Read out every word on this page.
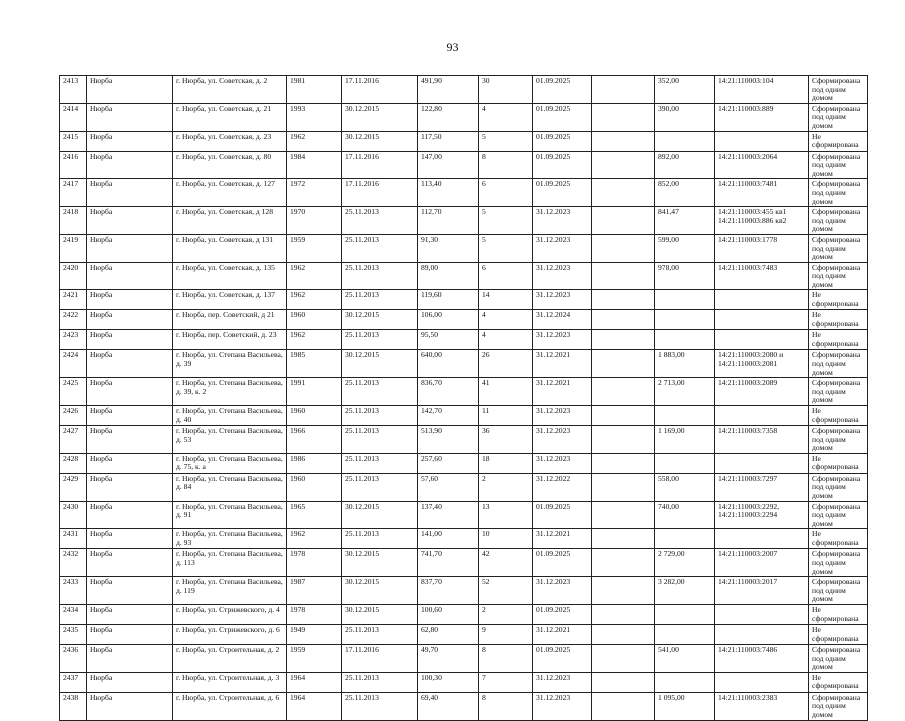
93
2413	Нюрба	г. Нюрба, ул. Советская, д. 2	1981	17.11.2016	491,90	30	01.09.2025		352,00	14:21:110003:104	Сформирована под одним домом
2414	Нюрба	г. Нюрба, ул. Советская, д. 21	1993	30.12.2015	122,80	4	01.09.2025		390,00	14:21:110003:889	Сформирована под одним домом
2415	Нюрба	г. Нюрба, ул. Советская, д. 23	1962	30.12.2015	117,50	5	01.09.2025				Не сформирована
2416	Нюрба	г. Нюрба, ул. Советская, д. 80	1984	17.11.2016	147,00	8	01.09.2025		892,00	14:21:110003:2064	Сформирована под одним домом
2417	Нюрба	г. Нюрба, ул. Советская, д. 127	1972	17.11.2016	113,40	6	01.09.2025		852,00	14:21:110003:7481	Сформирована под одним домом
2418	Нюрба	г. Нюрба, ул. Советская, д 128	1970	25.11.2013	112,70	5	31.12.2023		841,47	14:21:110003:455 кв1 14:21:110003:886 кв2	Сформирована под одним домом
2419	Нюрба	г. Нюрба, ул. Советская, д 131	1959	25.11.2013	91,30	5	31.12.2023		599,00	14:21:110003:1778	Сформирована под одним домом
2420	Нюрба	г. Нюрба, ул. Советская, д. 135	1962	25.11.2013	89,00	6	31.12.2023		978,00	14:21:110003:7483	Сформирована под одним домом
2421	Нюрба	г. Нюрба, ул. Советская, д. 137	1962	25.11.2013	119,60	14	31.12.2023				Не сформирована
2422	Нюрба	г. Нюрба, пер. Советский, д 21	1960	30.12.2015	106,00	4	31.12.2024				Не сформирована
2423	Нюрба	г. Нюрба, пер. Советский, д. 23	1962	25.11.2013	95,50	4	31.12.2023				Не сформирована
2424	Нюрба	г. Нюрба, ул. Степана Васильева, д. 39	1985	30.12.2015	640,00	26	31.12.2021		1 883,00	14:21:110003:2080 и 14:21:110003:2081	Сформирована под одним домом
2425	Нюрба	г. Нюрба, ул. Степана Васильева, д. 39, к. 2	1991	25.11.2013	836,70	41	31.12.2021		2 713,00	14:21:110003:2089	Сформирована под одним домом
2426	Нюрба	г. Нюрба, ул. Степана Васильева, д. 40	1960	25.11.2013	142,70	11	31.12.2023				Не сформирована
2427	Нюрба	г. Нюрба, ул. Степана Васильева, д. 53	1966	25.11.2013	513,90	36	31.12.2023		1 169,00	14:21:110003:7358	Сформирована под одним домом
2428	Нюрба	г. Нюрба, ул. Степана Васильева, д. 75, к. а	1986	25.11.2013	257,60	18	31.12.2023				Не сформирована
2429	Нюрба	г. Нюрба, ул. Степана Васильева, д. 84	1960	25.11.2013	57,60	2	31.12.2022		558,00	14:21:110003:7297	Сформирована под одним домом
2430	Нюрба	г. Нюрба, ул. Степана Васильева, д. 91	1965	30.12.2015	137,40	13	01.09.2025		740,00	14:21:110003:2292, 14:21:110003:2294	Сформирована под одним домом
2431	Нюрба	г. Нюрба, ул. Степана Васильева, д. 93	1962	25.11.2013	141,00	10	31.12.2021				Не сформирована
2432	Нюрба	г. Нюрба, ул. Степана Васильева, д. 113	1978	30.12.2015	741,70	42	01.09.2025		2 729,00	14:21:110003:2007	Сформирована под одним домом
2433	Нюрба	г. Нюрба, ул. Степана Васильева, д. 119	1987	30.12.2015	837,70	52	31.12.2023		3 282,00	14:21:110003:2017	Сформирована под одним домом
2434	Нюрба	г. Нюрба, ул. Стрижевского, д. 4	1978	30.12.2015	100,60	2	01.09.2025				Не сформирована
2435	Нюрба	г. Нюрба, ул. Стрижевского, д. 6	1949	25.11.2013	62,80	9	31.12.2021				Не сформирована
2436	Нюрба	г. Нюрба, ул. Строительная, д. 2	1959	17.11.2016	49,70	8	01.09.2025		541,00	14:21:110003:7486	Сформирована под одним домом
2437	Нюрба	г. Нюрба, ул. Строительная, д. 3	1964	25.11.2013	100,30	7	31.12.2023				Не сформирована
2438	Нюрба	г. Нюрба, ул. Строительная, д. 6	1964	25.11.2013	69,40	8	31.12.2023		1 095,00	14:21:110003:2383	Сформирована под одним домом
